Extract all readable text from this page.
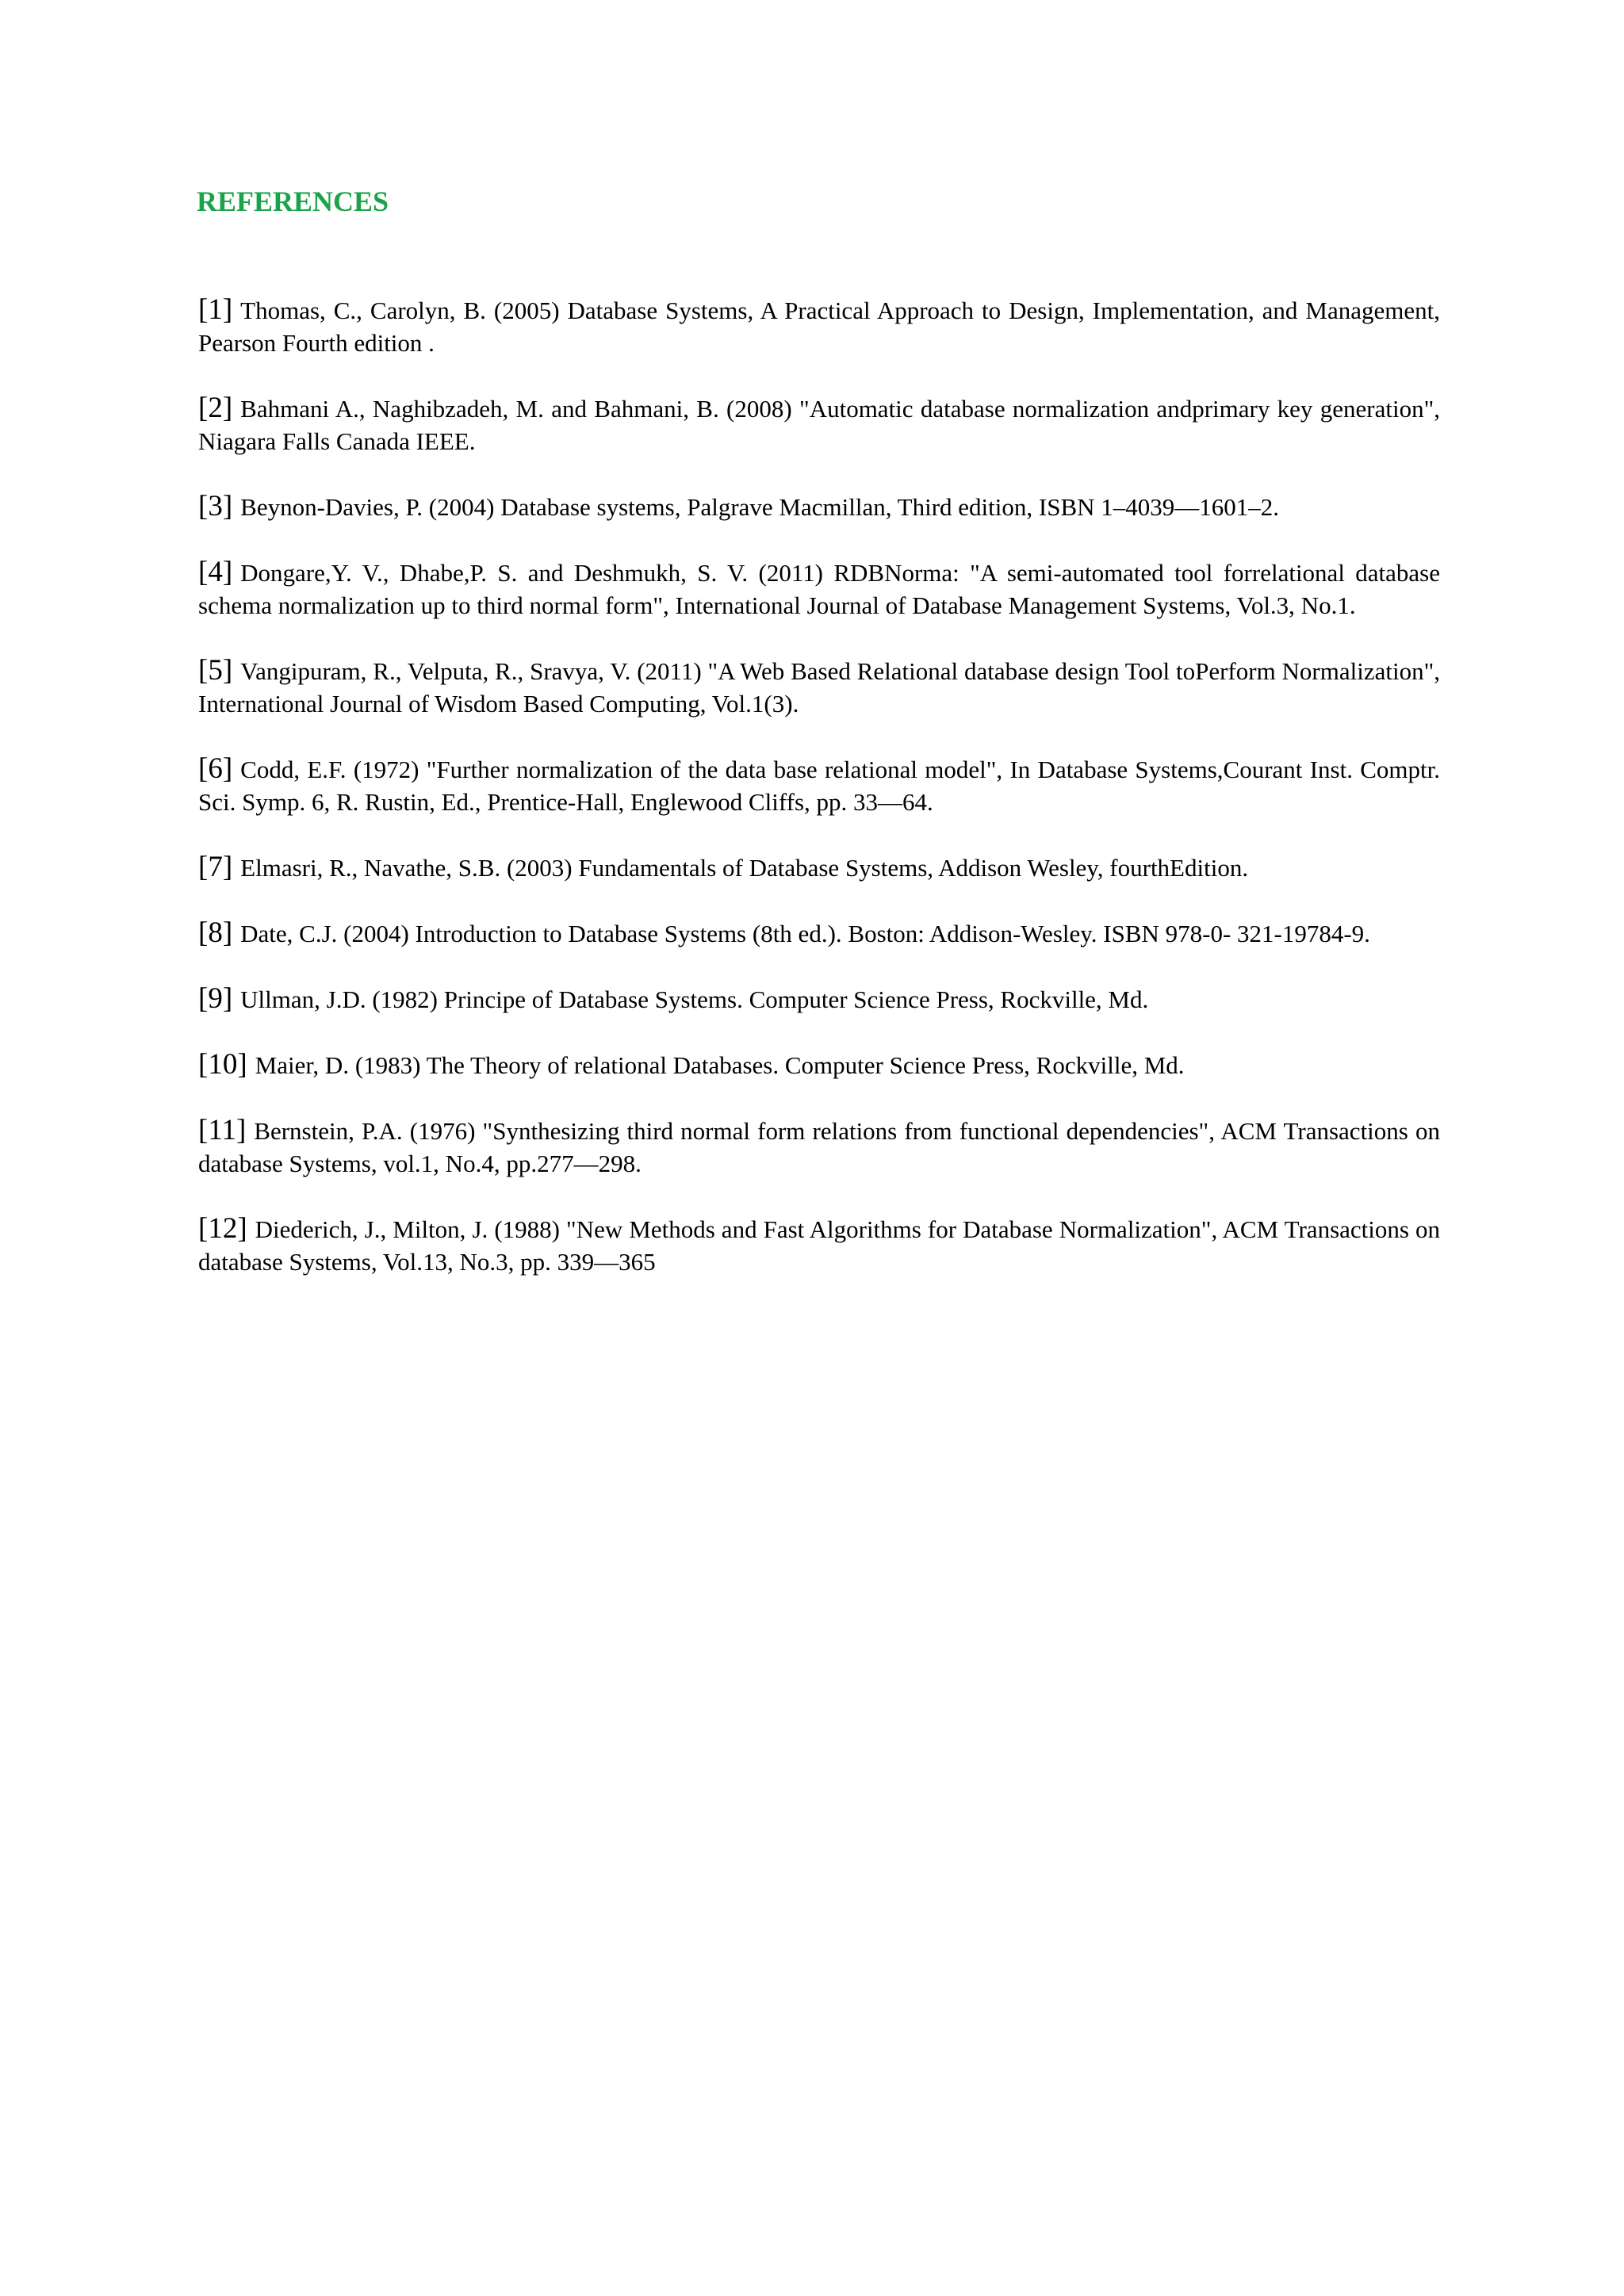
REFERENCES
[1] Thomas, C., Carolyn, B. (2005) Database Systems, A Practical Approach to Design, Implementation, and Management, Pearson Fourth edition .
[2] Bahmani A., Naghibzadeh, M. and Bahmani, B. (2008) "Automatic database normalization andprimary key generation", Niagara Falls Canada IEEE.
[3] Beynon-Davies, P. (2004) Database systems, Palgrave Macmillan, Third edition, ISBN 1–4039—1601–2.
[4] Dongare,Y. V., Dhabe,P. S. and Deshmukh, S. V. (2011) RDBNorma: "A semi-automated tool forrelational database schema normalization up to third normal form", International Journal of Database Management Systems, Vol.3, No.1.
[5] Vangipuram, R., Velputa, R., Sravya, V. (2011) "A Web Based Relational database design Tool toPerform Normalization", International Journal of Wisdom Based Computing, Vol.1(3).
[6] Codd, E.F. (1972) "Further normalization of the data base relational model", In Database Systems,Courant Inst. Comptr. Sci. Symp. 6, R. Rustin, Ed., Prentice-Hall, Englewood Cliffs, pp. 33—64.
[7] Elmasri, R., Navathe, S.B. (2003) Fundamentals of Database Systems, Addison Wesley, fourthEdition.
[8] Date, C.J. (2004) Introduction to Database Systems (8th ed.). Boston: Addison-Wesley. ISBN 978-0- 321-19784-9.
[9] Ullman, J.D. (1982) Principe of Database Systems. Computer Science Press, Rockville, Md.
[10] Maier, D. (1983) The Theory of relational Databases. Computer Science Press, Rockville, Md.
[11] Bernstein, P.A. (1976) "Synthesizing third normal form relations from functional dependencies", ACM Transactions on database Systems, vol.1, No.4, pp.277—298.
[12] Diederich, J., Milton, J. (1988) "New Methods and Fast Algorithms for Database Normalization", ACM Transactions on database Systems, Vol.13, No.3, pp. 339—365
